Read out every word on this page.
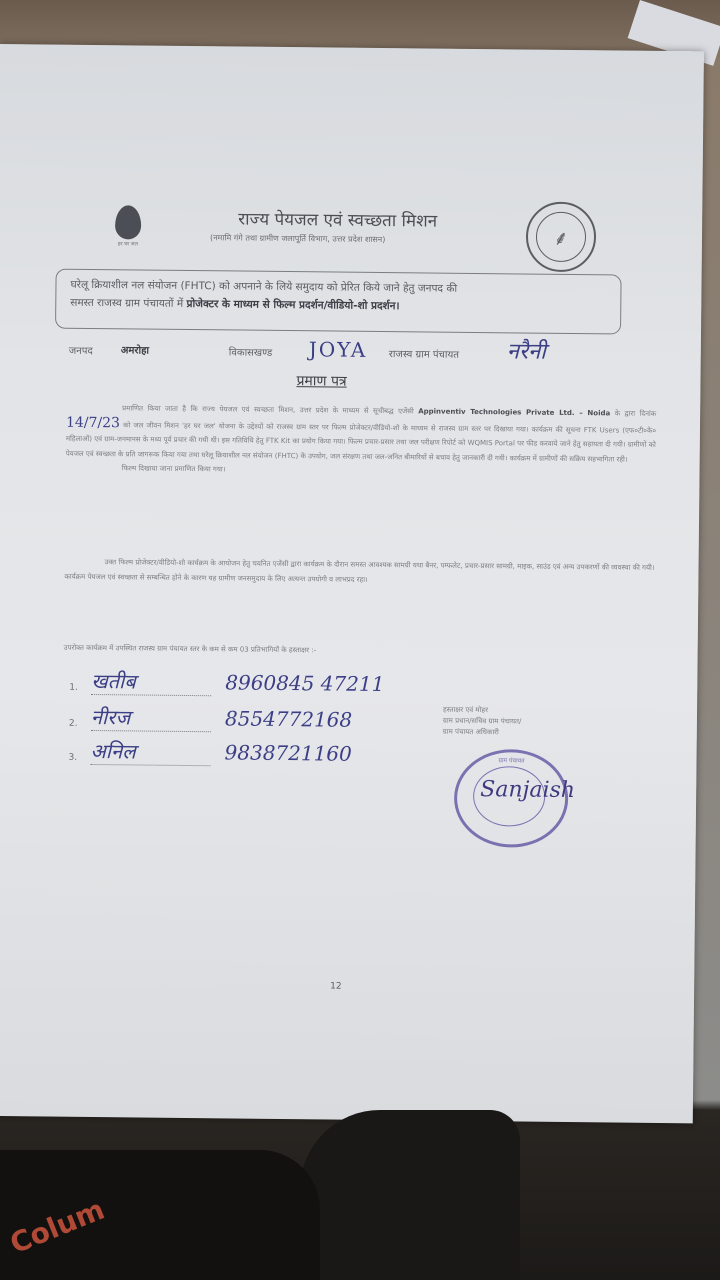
हर घर जल
राज्य पेयजल एवं स्वच्छता मिशन
(नमामि गंगे तथा ग्रामीण जलापूर्ति विभाग, उत्तर प्रदेश शासन)	⸙
घरेलू क्रियाशील नल संयोजन (FHTC) को अपनाने के लिये समुदाय को प्रेरित किये जाने हेतु जनपद की
समस्त राजस्व ग्राम पंचायतों में प्रोजेक्टर के माध्यम से फिल्म प्रदर्शन/वीडियो-शो प्रदर्शन।
जनपद	अमरोहा	विकासखण्ड JOYA राजस्व ग्राम पंचायत नरैनी
प्रमाण पत्र
प्रमाणित किया जाता है कि राज्य पेयजल एवं स्वच्छता मिशन, उत्तर प्रदेश के माध्यम से सूचीबद्ध एजेंसी Appinventiv Technologies Private Ltd. – Noida के द्वारा दिनांक 14/7/23 को जल जीवन मिशन 'हर घर जल' योजना के उद्देश्यों को राजस्व ग्राम स्तर पर फिल्म प्रोजेक्टर/वीडियो-शो के माध्यम से राजस्व ग्राम स्तर पर दिखाया गया। कार्यक्रम की सूचना FTK Users (एफ०टी०के० महिलाओं) एवं ग्राम-जनमानस के मध्य पूर्व प्रचार की गयी थी। इस गतिविधि हेतु FTK Kit का प्रयोग किया गया। फिल्म प्रचार-प्रसार तथा जल परीक्षण रिपोर्ट को WQMIS Portal पर फीड करवाये जाने हेतु सहायता दी गयी। ग्रामीणों को पेयजल एवं स्वच्छता के प्रति जागरूक किया गया तथा घरेलू क्रियाशील नल संयोजन (FHTC) के उपयोग, जल संरक्षण तथा जल-जनित बीमारियों से बचाव हेतु जानकारी दी गयी। कार्यक्रम में ग्रामीणों की सक्रिय सहभागिता रही।
फिल्म दिखाया जाना प्रमाणित किया गया।
उक्त फिल्म प्रोजेक्टर/वीडियो-शो कार्यक्रम के आयोजन हेतु चयनित एजेंसी द्वारा कार्यक्रम के दौरान समस्त आवश्यक सामग्री यथा बैनर, पम्फलेट, प्रचार-प्रसार सामग्री, माइक, साउंड एवं अन्य उपकरणों की व्यवस्था की गयी। कार्यक्रम पेयजल एवं स्वच्छता से सम्बन्धित होने के कारण यह ग्रामीण जनसमुदाय के लिए अत्यन्त उपयोगी व लाभप्रद रहा।
उपरोक्त कार्यक्रम में उपस्थित राजस्व ग्राम पंचायत स्तर के कम से कम 03 प्रतिभागियों के हस्ताक्षर :-
1. खतीब	8960845 47211
2. नीरज	8554772168
3. अनिल	9838721160
हस्ताक्षर एवं मोहर
ग्राम प्रधान/सचिव ग्राम पंचायत/
ग्राम पंचायत अधिकारी
ग्राम पंचायत
Sanjaish
12
Colum
